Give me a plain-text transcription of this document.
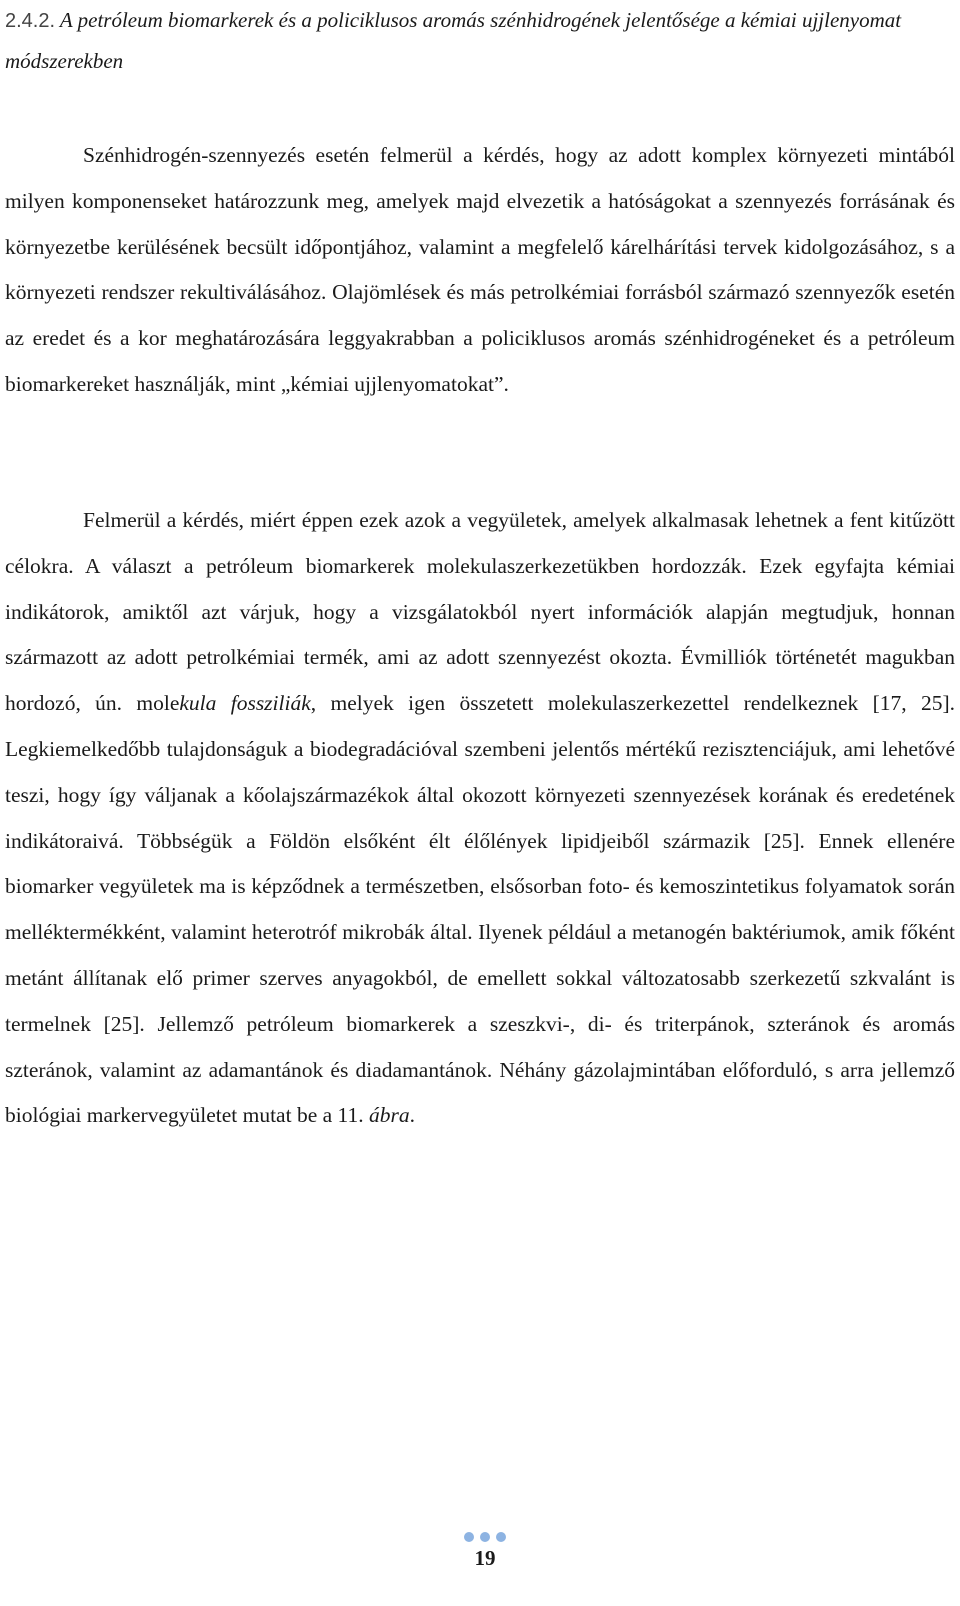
2.4.2. A petróleum biomarkerek és a policiklusos aromás szénhidrogének jelentősége a kémiai ujjlenyomat módszerekben

Szénhidrogén-szennyezés esetén felmerül a kérdés, hogy az adott komplex környezeti mintából milyen komponenseket határozzunk meg, amelyek majd elvezetik a hatóságokat a szennyezés forrásának és környezetbe kerülésének becsült időpontjához, valamint a megfelelő kárelhárítási tervek kidolgozásához, s a környezeti rendszer rekultiválásához. Olajömlések és más petrolkémiai forrásból származó szennyezők esetén az eredet és a kor meghatározására leggyakrabban a policiklusos aromás szénhidrogéneket és a petróleum biomarkereket használják, mint „kémiai ujjlenyomatokat”.

Felmerül a kérdés, miért éppen ezek azok a vegyületek, amelyek alkalmasak lehetnek a fent kitűzött célokra. A választ a petróleum biomarkerek molekulaszerkezetükben hordozzák. Ezek egyfajta kémiai indikátorok, amiktől azt várjuk, hogy a vizsgálatokból nyert információk alapján megtudjuk, honnan származott az adott petrolkémiai termék, ami az adott szennyezést okozta. Évmilliók történetét magukban hordozó, ún. molekula fossziliák, melyek igen összetett molekulaszerkezettel rendelkeznek [17, 25]. Legkiemelkedőbb tulajdonságuk a biodegradációval szembeni jelentős mértékű rezisztenciájuk, ami lehetővé teszi, hogy így váljanak a kőolajszármazékok által okozott környezeti szennyezések korának és eredetének indikátoraivá. Többségük a Földön elsőként élt élőlények lipidjeiből származik [25]. Ennek ellenére biomarker vegyületek ma is képződnek a természetben, elsősorban foto- és kemoszintetikus folyamatok során melléktermékként, valamint heterotróf mikrobák által. Ilyenek például a metanogén baktériumok, amik főként metánt állítanak elő primer szerves anyagokból, de emellett sokkal változatosabb szerkezetű szkvalánt is termelnek [25]. Jellemző petróleum biomarkerek a szeszkvi-, di- és triterpánok, szteránok és aromás szteránok, valamint az adamantánok és diadamantánok. Néhány gázolajmintában előforduló, s arra jellemző biológiai markervegyületet mutat be a 11. ábra.

19
